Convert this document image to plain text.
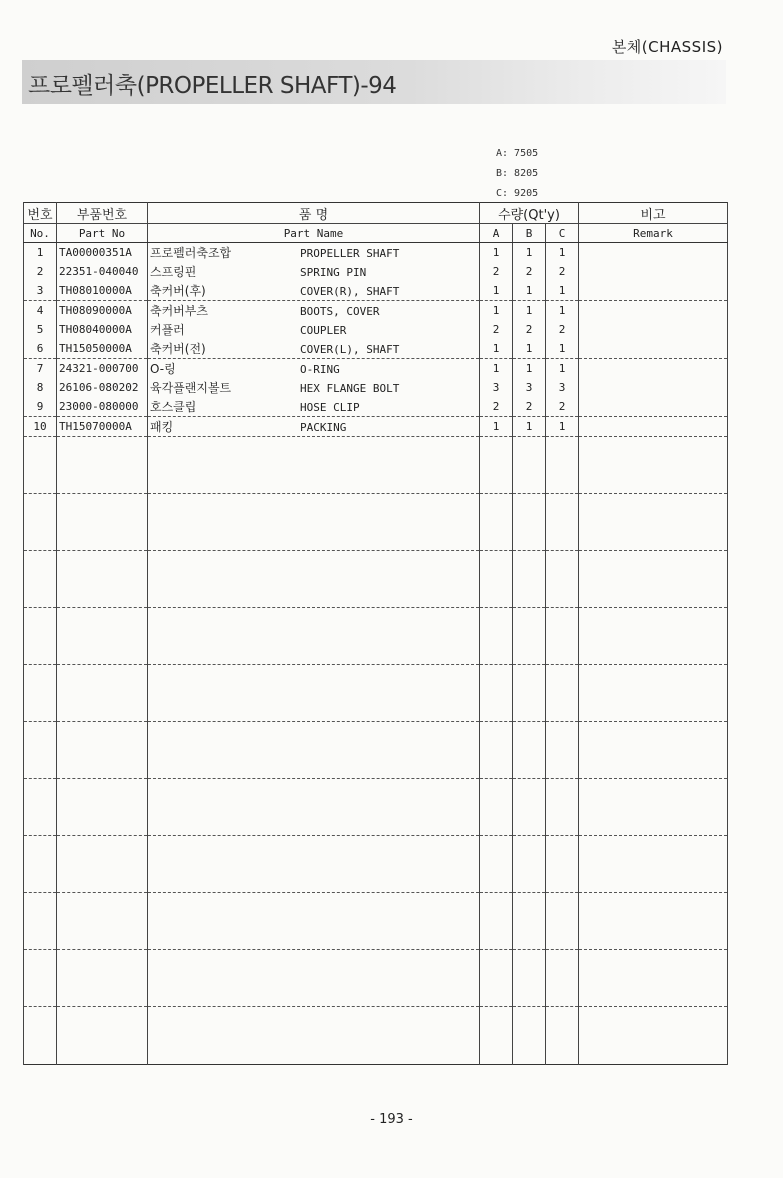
본체(CHASSIS)
프로펠러축(PROPELLER SHAFT)-94
A: 7505
B: 8205
C: 9205
번호	부품번호	품 명	수량(Qt'y)			비고
No.	Part No	Part Name	A	B	C	Remark
1	TA00000351A	프로펠러축조합 PROPELLER SHAFT	1	1	1	
2	22351-040040	스프링핀 SPRING PIN	2	2	2	
3	TH08010000A	축커버(후) COVER(R), SHAFT	1	1	1	
4	TH08090000A	축커버부츠 BOOTS, COVER	1	1	1	
5	TH08040000A	커플러 COUPLER	2	2	2	
6	TH15050000A	축커버(전) COVER(L), SHAFT	1	1	1	
7	24321-000700	O-링 O-RING	1	1	1	
8	26106-080202	육각플랜지볼트 HEX FLANGE BOLT	3	3	3	
9	23000-080000	호스클립 HOSE CLIP	2	2	2	
10	TH15070000A	패킹 PACKING	1	1	1	

- 193 -
